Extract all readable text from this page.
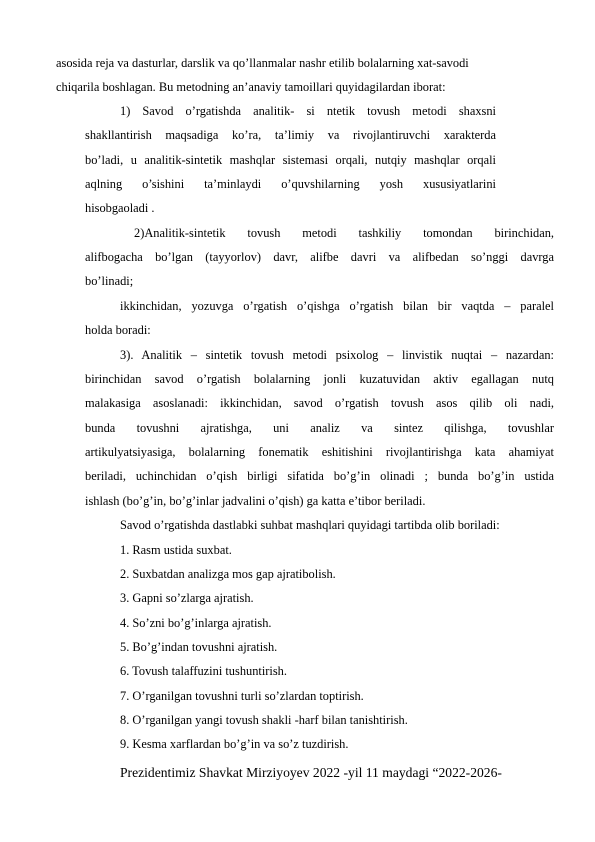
asosida reja va dasturlar, darslik va qo’llanmalar nashr etilib bolalarning xat-savodi
chiqarila boshlagan. Bu metodning an’anaviy tamoillari quyidagilardan iborat:
1) Savod o’rgatishda analitik- si ntetik tovush metodi shaxsni
shakllantirish maqsadiga ko’ra, ta’limiy va rivojlantiruvchi xarakterda
bo’ladi, u analitik-sintetik mashqlar sistemasi orqali, nutqiy mashqlar orqali
aqlning o’sishini ta’minlaydi o’quvshilarning yosh xususiyatlarini
hisobgaoladi .
2)Analitik-sintetik tovush metodi tashkiliy tomondan birinchidan,
alifbogacha bo’lgan (tayyorlov) davr, alifbe davri va alifbedan so’nggi davrga
bo’linadi;
ikkinchidan, yozuvga o’rgatish o’qishga o’rgatish bilan bir vaqtda – paralel
holda boradi:
3). Analitik – sintetik tovush metodi psixolog – linvistik nuqtai – nazardan:
birinchidan savod o’rgatish bolalarning jonli kuzatuvidan aktiv egallagan nutq
malakasiga asoslanadi: ikkinchidan, savod o’rgatish tovush asos qilib oli nadi,
bunda tovushni ajratishga, uni analiz va sintez qilishga, tovushlar
artikulyatsiyasiga, bolalarning fonematik eshitishini rivojlantirishga kata ahamiyat
beriladi, uchinchidan o’qish birligi sifatida bo’g’in olinadi ; bunda bo’g’in ustida
ishlash (bo’g’in, bo’g’inlar jadvalini o’qish) ga katta e’tibor beriladi.
Savod o’rgatishda dastlabki suhbat mashqlari quyidagi tartibda olib boriladi:
1. Rasm ustida suxbat.
2. Suxbatdan analizga mos gap ajratibolish.
3. Gapni so’zlarga ajratish.
4. So’zni bo’g’inlarga ajratish.
5. Bo’g’indan tovushni ajratish.
6. Tovush talaffuzini tushuntirish.
7. O’rganilgan tovushni turli so’zlardan toptirish.
8. O’rganilgan yangi tovush shakli -harf bilan tanishtirish.
9. Kesma xarflardan bo’g’in va so’z tuzdirish.
Prezidentimiz Shavkat Mirziyoyev 2022 -yil 11 maydagi “2022-2026-
